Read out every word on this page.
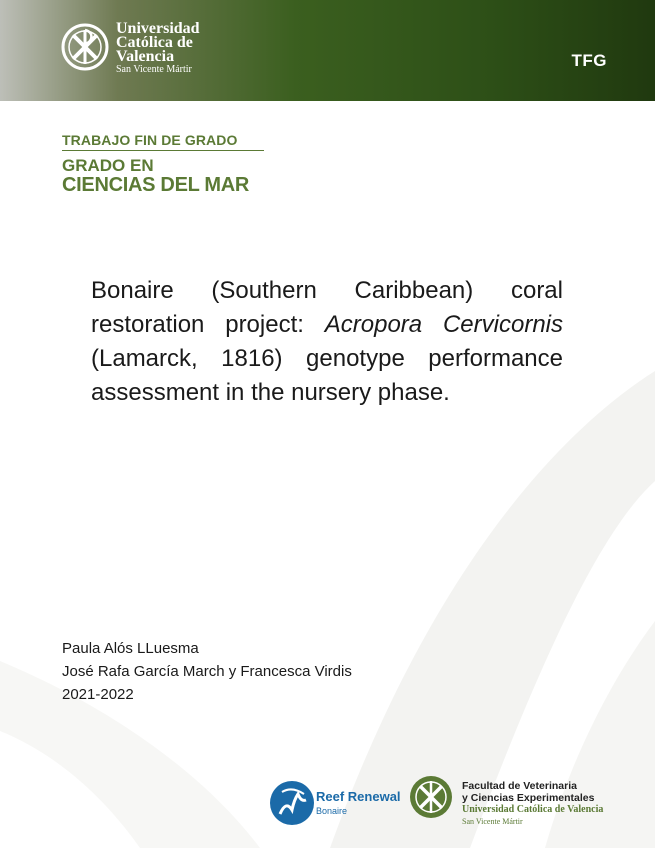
Universidad
Católica de
Valencia
San Vicente Mártir	TFG
TRABAJO FIN DE GRADO
GRADO EN
CIENCIAS DEL MAR
Bonaire (Southern Caribbean) coral restoration project: Acropora Cervicornis (Lamarck, 1816) genotype performance assessment in the nursery phase.
Paula Alós LLuesma
José Rafa García March y Francesca Virdis
2021-2022
Reef Renewal
Bonaire
Facultad de Veterinaria
y Ciencias Experimentales
Universidad Católica de Valencia
San Vicente Mártir
